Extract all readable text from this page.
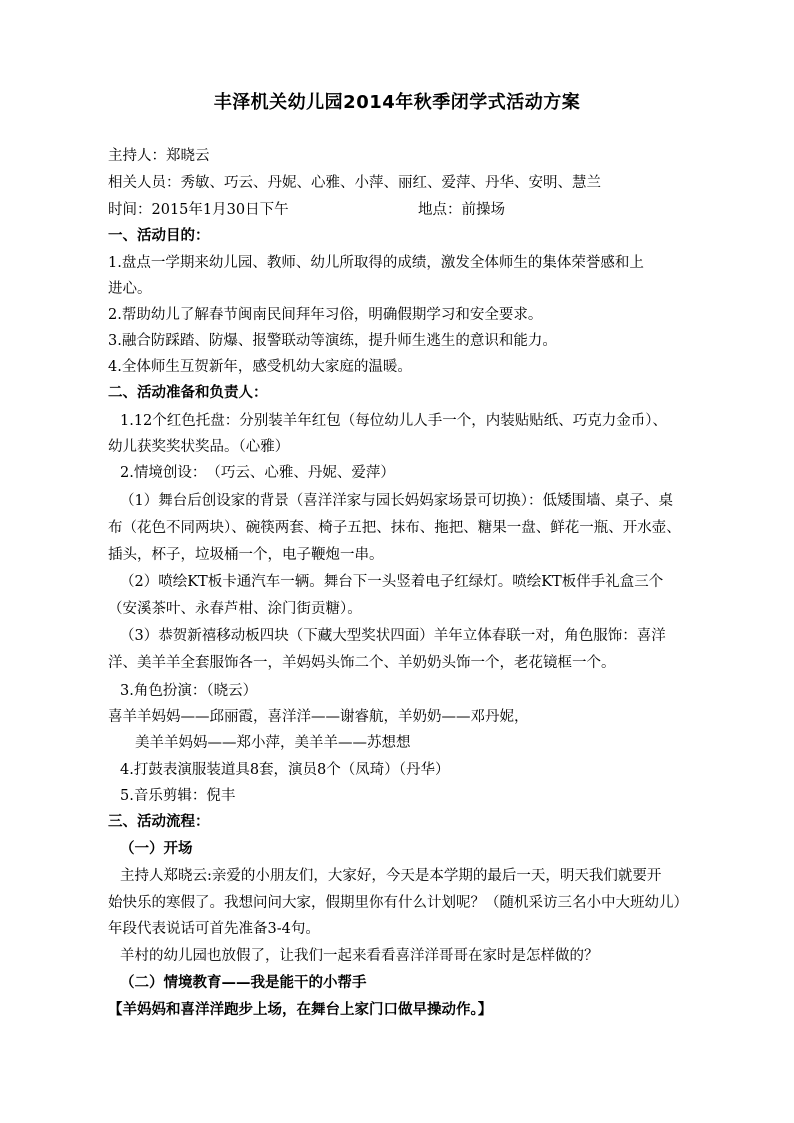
丰泽机关幼儿园2014年秋季闭学式活动方案
主持人：郑晓云
相关人员：秀敏、巧云、丹妮、心雅、小萍、丽红、爱萍、丹华、安明、慧兰
时间：2015年1月30日下午	地点：前操场
一、活动目的：
1.盘点一学期来幼儿园、教师、幼儿所取得的成绩，激发全体师生的集体荣誉感和上
进心。
2.帮助幼儿了解春节闽南民间拜年习俗，明确假期学习和安全要求。
3.融合防踩踏、防爆、报警联动等演练，提升师生逃生的意识和能力。
4.全体师生互贺新年，感受机幼大家庭的温暖。
二、活动准备和负责人：
1.12个红色托盘：分别装羊年红包（每位幼儿人手一个，内装贴贴纸、巧克力金币）、
幼儿获奖奖状奖品。（心雅）
2.情境创设：　（巧云、心雅、丹妮、爱萍）
（1）舞台后创设家的背景（喜洋洋家与园长妈妈家场景可切换）：低矮围墙、桌子、桌
布（花色不同两块）、碗筷两套、椅子五把、抹布、拖把、糖果一盘、鲜花一瓶、开水壶、
插头，杯子，垃圾桶一个，电子鞭炮一串。
（2）喷绘KT板卡通汽车一辆。舞台下一头竖着电子红绿灯。喷绘KT板伴手礼盒三个
（安溪茶叶、永春芦柑、涂门街贡糖）。
（3）恭贺新禧移动板四块（下藏大型奖状四面）羊年立体春联一对，角色服饰：喜洋
洋、美羊羊全套服饰各一，羊妈妈头饰二个、羊奶奶头饰一个，老花镜框一个。
3.角色扮演：（晓云）
喜羊羊妈妈——邱丽霞，喜洋洋——谢睿航，羊奶奶——邓丹妮，
美羊羊妈妈——郑小萍，美羊羊——苏想想
4.打鼓表演服装道具8套，演员8个（凤琦）（丹华）
5.音乐剪辑：倪丰
三、活动流程：
（一）开场
主持人郑晓云:亲爱的小朋友们，大家好，今天是本学期的最后一天，明天我们就要开
始快乐的寒假了。我想问问大家，假期里你有什么计划呢？（随机采访三名小中大班幼儿）
年段代表说话可首先准备3-4句。
羊村的幼儿园也放假了，让我们一起来看看喜洋洋哥哥在家时是怎样做的？
（二）情境教育——我是能干的小帮手
【羊妈妈和喜洋洋跑步上场，在舞台上家门口做早操动作。】
